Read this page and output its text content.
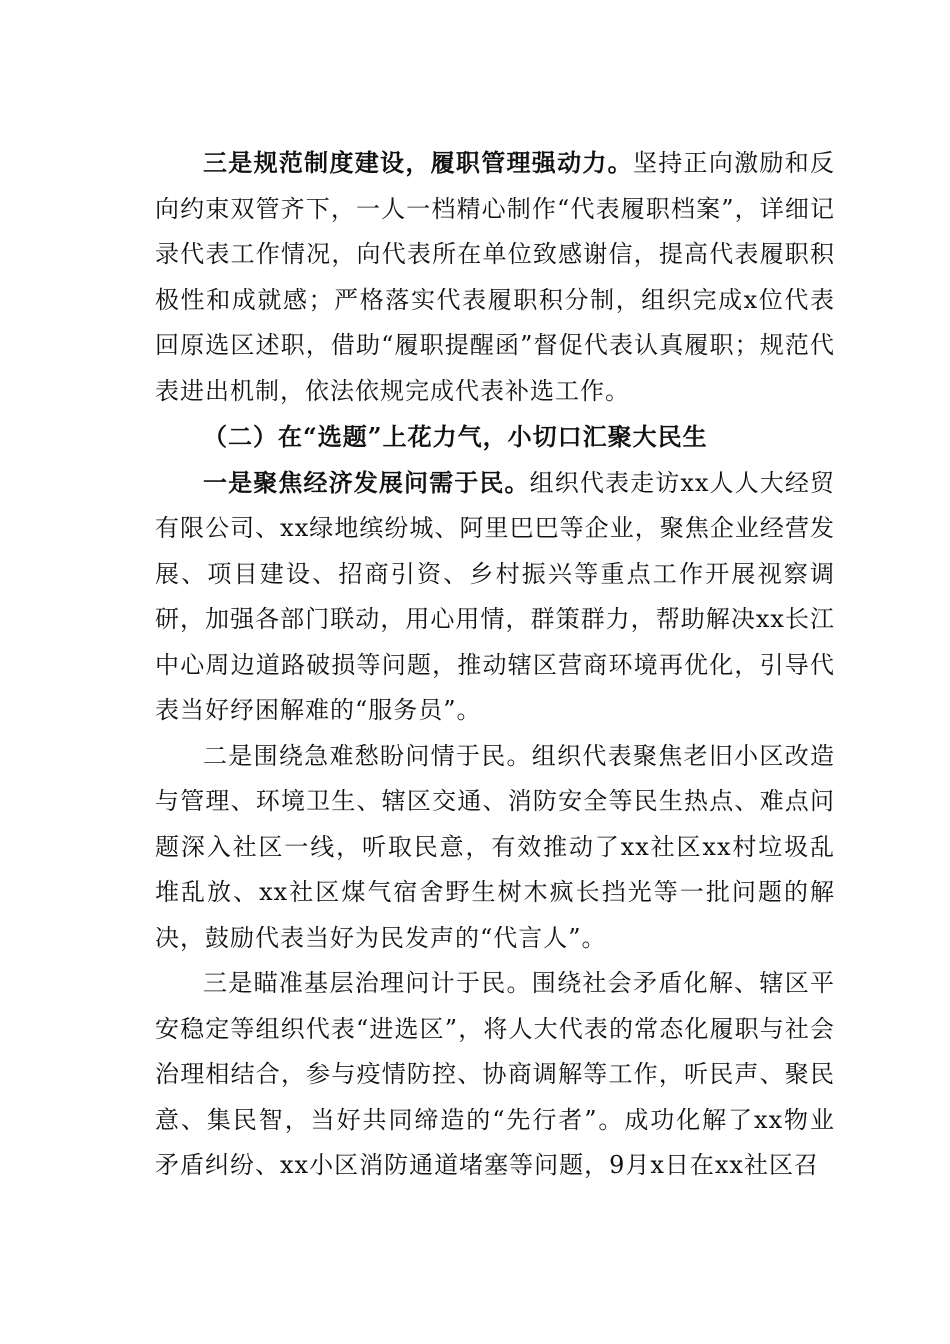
三是规范制度建设，履职管理强动力。坚持正向激励和反向约束双管齐下，一人一档精心制作“代表履职档案”，详细记录代表工作情况，向代表所在单位致感谢信，提高代表履职积极性和成就感；严格落实代表履职积分制，组织完成x位代表回原选区述职，借助“履职提醒函”督促代表认真履职；规范代表进出机制，依法依规完成代表补选工作。

（二）在“选题”上花力气，小切口汇聚大民生

一是聚焦经济发展问需于民。组织代表走访xx人人大经贸有限公司、xx绿地缤纷城、阿里巴巴等企业，聚焦企业经营发展、项目建设、招商引资、乡村振兴等重点工作开展视察调研，加强各部门联动，用心用情，群策群力，帮助解决xx长江中心周边道路破损等问题，推动辖区营商环境再优化，引导代表当好纾困解难的“服务员”。

二是围绕急难愁盼问情于民。组织代表聚焦老旧小区改造与管理、环境卫生、辖区交通、消防安全等民生热点、难点问题深入社区一线，听取民意，有效推动了xx社区xx村垃圾乱堆乱放、xx社区煤气宿舍野生树木疯长挡光等一批问题的解决，鼓励代表当好为民发声的“代言人”。

三是瞄准基层治理问计于民。围绕社会矛盾化解、辖区平安稳定等组织代表“进选区”，将人大代表的常态化履职与社会治理相结合，参与疫情防控、协商调解等工作，听民声、聚民意、集民智，当好共同缔造的“先行者”。成功化解了xx物业矛盾纠纷、xx小区消防通道堵塞等问题，9月x日在xx社区召
